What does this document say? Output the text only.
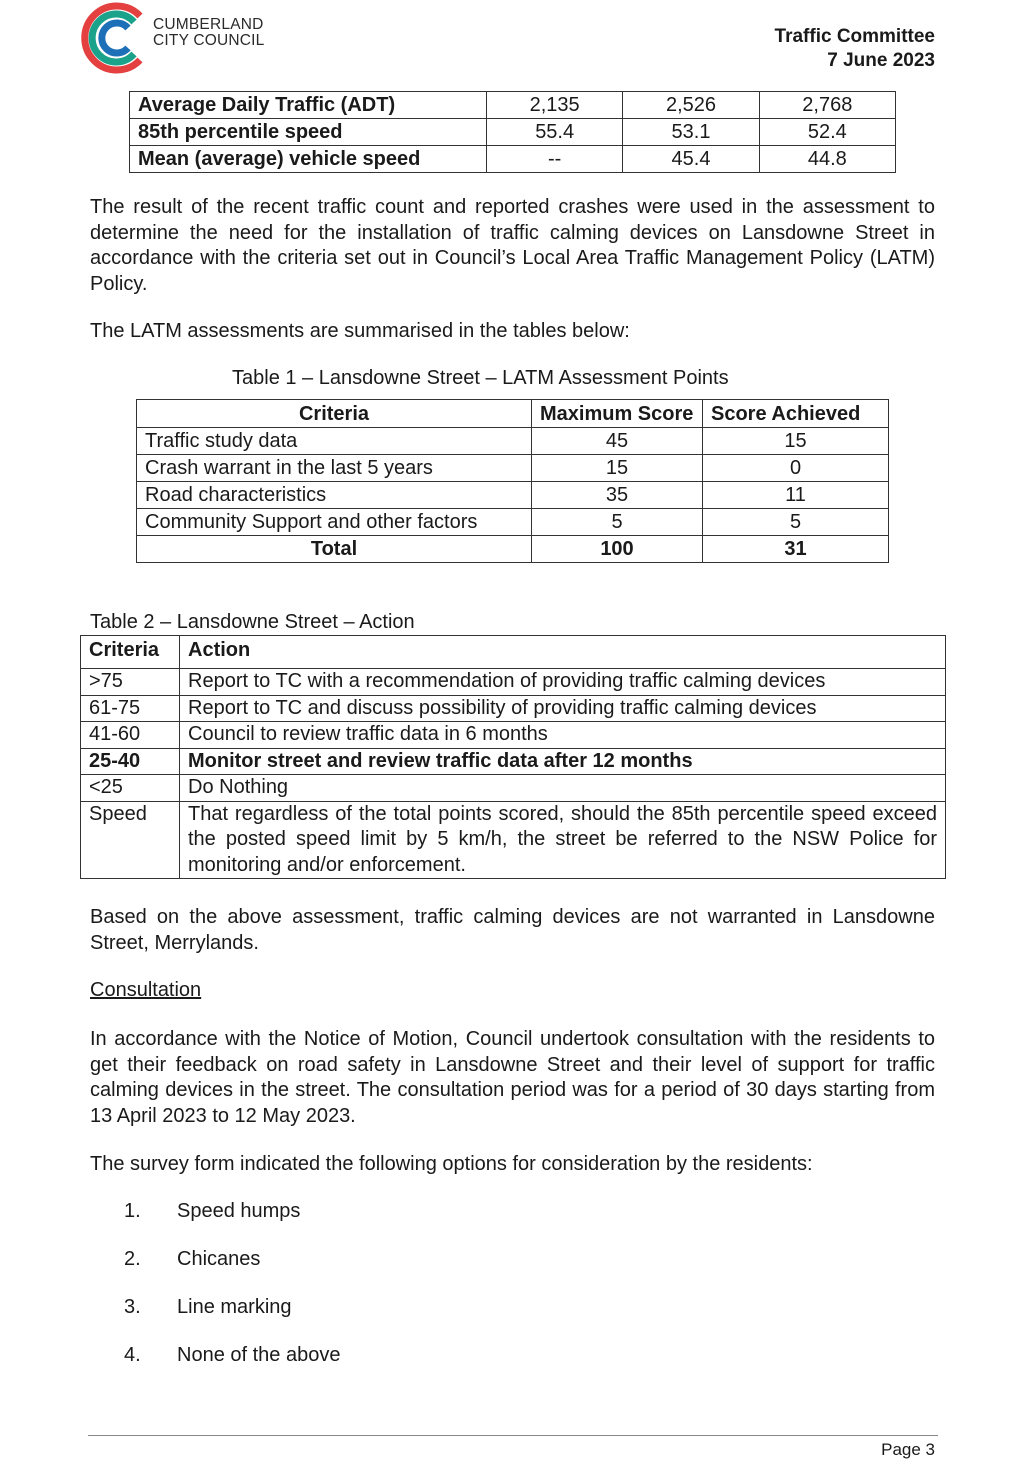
CUMBERLAND
CITY COUNCIL	Traffic Committee
7 June 2023
Average Daily Traffic (ADT)	2,135	2,526	2,768
85th percentile speed	55.4	53.1	52.4
Mean (average) vehicle speed	--	45.4	44.8
The result of the recent traffic count and reported crashes were used in the assessment to determine the need for the installation of traffic calming devices on Lansdowne Street in accordance with the criteria set out in Council’s Local Area Traffic Management Policy (LATM) Policy.
The LATM assessments are summarised in the tables below:
Table 1 – Lansdowne Street – LATM Assessment Points
Criteria	Maximum Score	Score Achieved
Traffic study data	45	15
Crash warrant in the last 5 years	15	0
Road characteristics	35	11
Community Support and other factors	5	5
Total	100	31
Table 2 – Lansdowne Street – Action
Criteria	Action
>75	Report to TC with a recommendation of providing traffic calming devices
61-75	Report to TC and discuss possibility of providing traffic calming devices
41-60	Council to review traffic data in 6 months
25-40	Monitor street and review traffic data after 12 months
<25	Do Nothing
Speed	That regardless of the total points scored, should the 85th percentile speed exceed the posted speed limit by 5 km/h, the street be referred to the NSW Police for monitoring and/or enforcement.
Based on the above assessment, traffic calming devices are not warranted in Lansdowne Street, Merrylands.
Consultation
In accordance with the Notice of Motion, Council undertook consultation with the residents to get their feedback on road safety in Lansdowne Street and their level of support for traffic calming devices in the street. The consultation period was for a period of 30 days starting from 13 April 2023 to 12 May 2023.
The survey form indicated the following options for consideration by the residents:
1. Speed humps
2. Chicanes
3. Line marking
4. None of the above
Page 3
